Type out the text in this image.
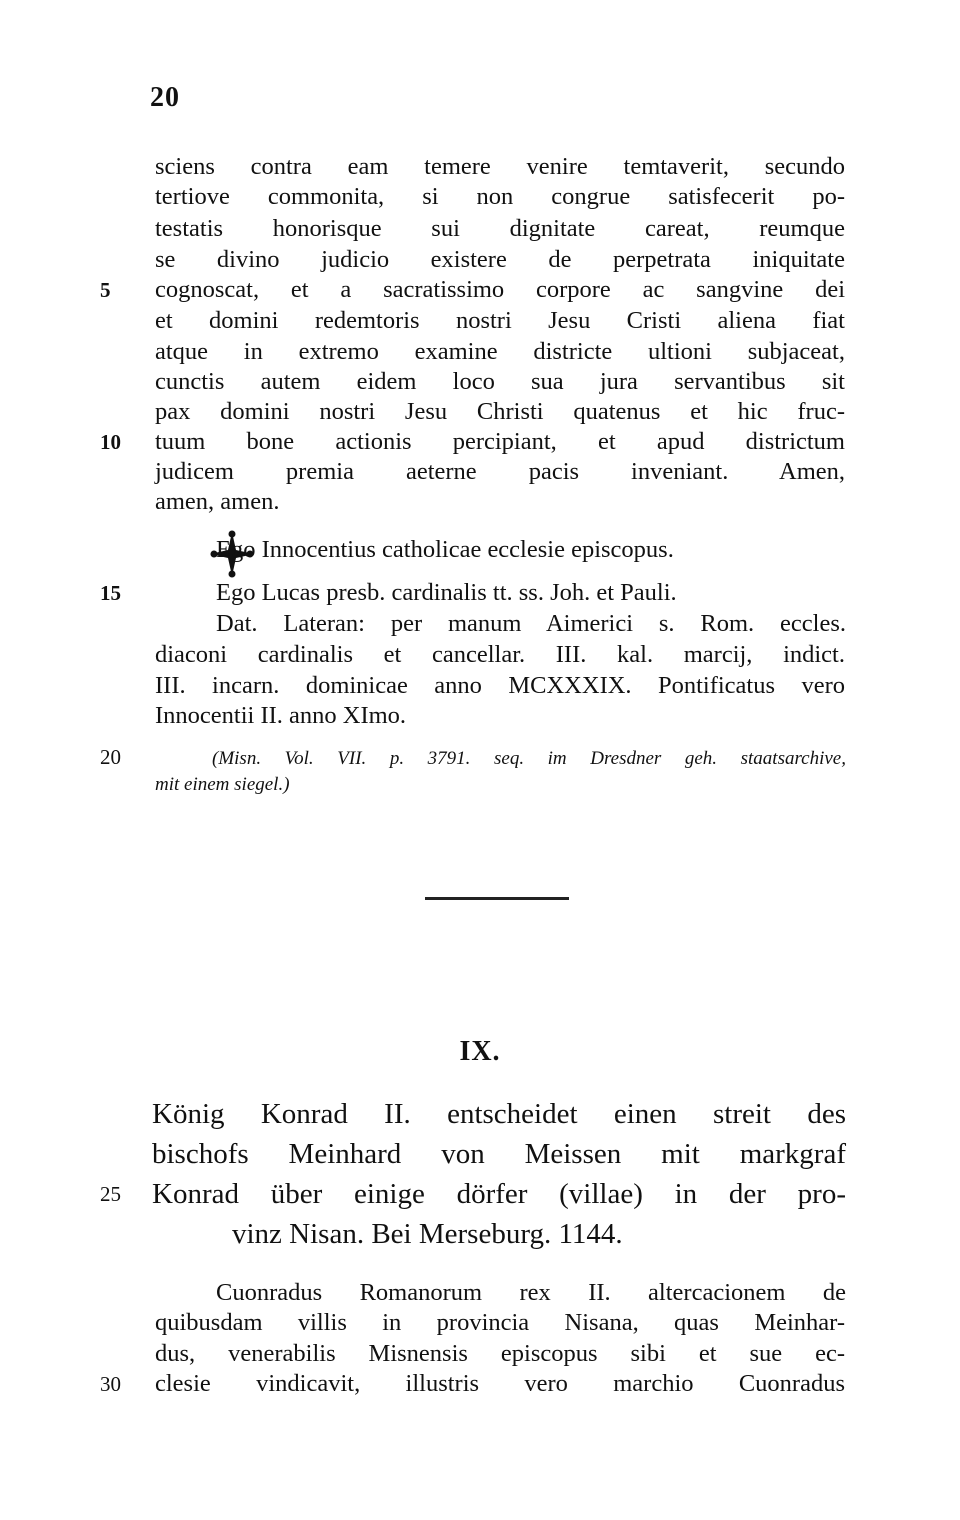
20
sciens contra eam temere venire temtaverit, secundo
tertiove commonita, si non congrue satisfecerit po-
testatis honorisque sui dignitate careat, reumque
se divino judicio existere de perpetrata iniquitate
5	cognoscat, et a sacratissimo corpore ac sangvine dei
et domini redemtoris nostri Jesu Cristi aliena fiat
atque in extremo examine districte ultioni subjaceat,
cunctis autem eidem loco sua jura servantibus sit
pax domini nostri Jesu Christi quatenus et hic fruc-
10	tuum bone actionis percipiant, et apud districtum
judicem premia aeterne pacis inveniant. Amen,
amen, amen.
Ego Innocentius catholicae ecclesie episcopus.
15	Ego Lucas presb. cardinalis tt. ss. Joh. et Pauli.
Dat. Lateran: per manum Aimerici s. Rom. eccles.
diaconi cardinalis et cancellar. III. kal. marcij, indict.
III. incarn. dominicae anno MCXXXIX. Pontificatus vero
Innocentii II. anno XImo.
20	(Misn. Vol. VII. p. 3791. seq. im Dresdner geh. staatsarchive,
mit einem siegel.)
IX.
König Konrad II. entscheidet einen streit des
bischofs Meinhard von Meissen mit markgraf
25	Konrad über einige dörfer (villae) in der pro-
vinz Nisan. Bei Merseburg. 1144.
Cuonradus Romanorum rex II. altercacionem de
quibusdam villis in provincia Nisana, quas Meinhar-
dus, venerabilis Misnensis episcopus sibi et sue ec-
30	clesie vindicavit, illustris vero marchio Cuonradus
